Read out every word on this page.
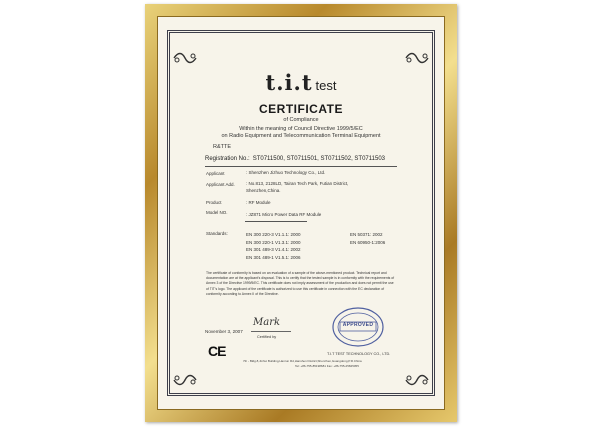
t.i.t test
CERTIFICATE
of Compliance
Within the meaning of Council Directive 1999/5/EC
on Radio Equipment and Telecommunication Terminal Equipment
R&TTE
Registration No.: ST0711500, ST0711501, ST0711502, ST0711503
Applicant	: Shenzhen Jizhuo Technology Co., Ltd.
Applicant Add. : No.813, 2128LD, Tairan Tech Park, Futian District,
Shenzhen,China.
Product	: RF Module
Model NO.	: JZ871 Micro Power Data RF Module
Standards:	EN 300 220-3 V1.1.1: 2000
EN 300 220-1 V1.3.1: 2000
EN 301 489-3 V1.4.1: 2002
EN 301 489-1 V1.5.1: 2006
EN 50371: 2002
EN 60950-1:2006
The certificate of conformity is based on an evaluation of a sample of the above-mentioned product. Technical report and documentation are at the applicant's disposal. This is to certify that the tested sample is in conformity with the requirements of Annex 3 of the Directive 1999/5/EC. This certificate does not imply assessment of the production and does not permit the use of TIT's logo. The applicant of the certificate is authorized to use this certificate in connection with the EC declaration of conformity according to Annex II of the Directive.
Mark
Certified by
November 3, 2007
APPROVED
CE	T.I.T TEST TECHNOLOGY CO., LTD.
7th - Bldg.8,Jinhui Building,Hanrun Rd,Hanshen District,Shenzhen,Guangdong,P.R.China
Tel: +86-755-85198681 Fax: +86-755-25845055
